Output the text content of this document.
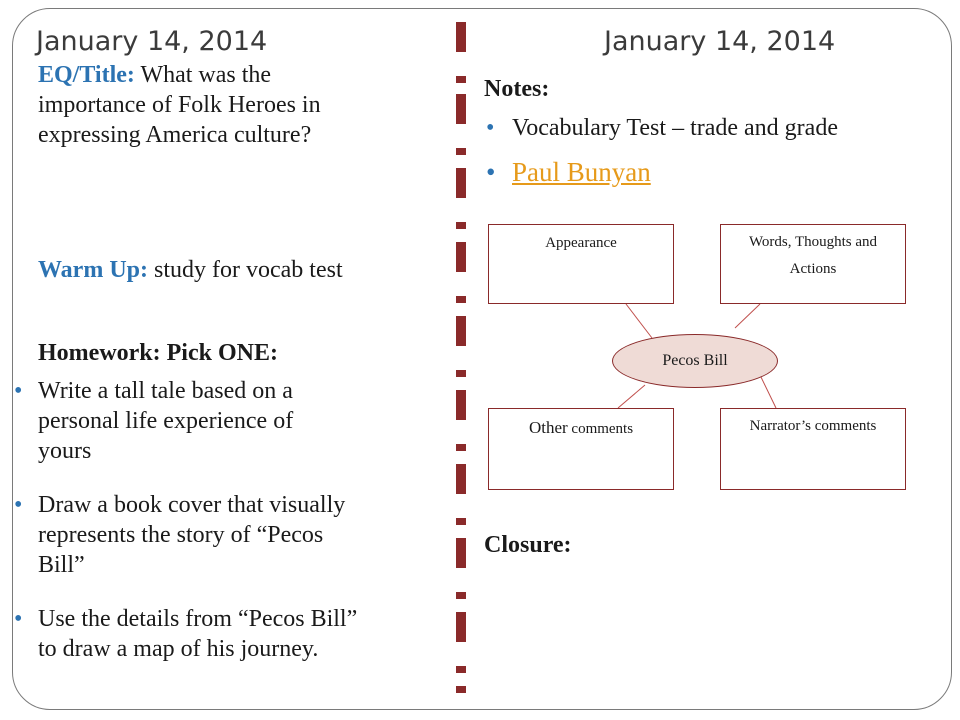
January 14, 2014	January 14, 2014
EQ/Title: What was the
importance of Folk Heroes in
expressing America culture?
Warm Up: study for vocab test
Homework: Pick ONE:
• Write a tall tale based on a
personal life experience of
yours
• Draw a book cover that visually
represents the story of “Pecos
Bill”
• Use the details from “Pecos Bill”
to draw a map of his journey.
Notes:
• Vocabulary Test – trade and grade
• Paul Bunyan
Appearance	Words, Thoughts and
Actions
Pecos Bill
Other comments	Narrator’s comments
Closure:
